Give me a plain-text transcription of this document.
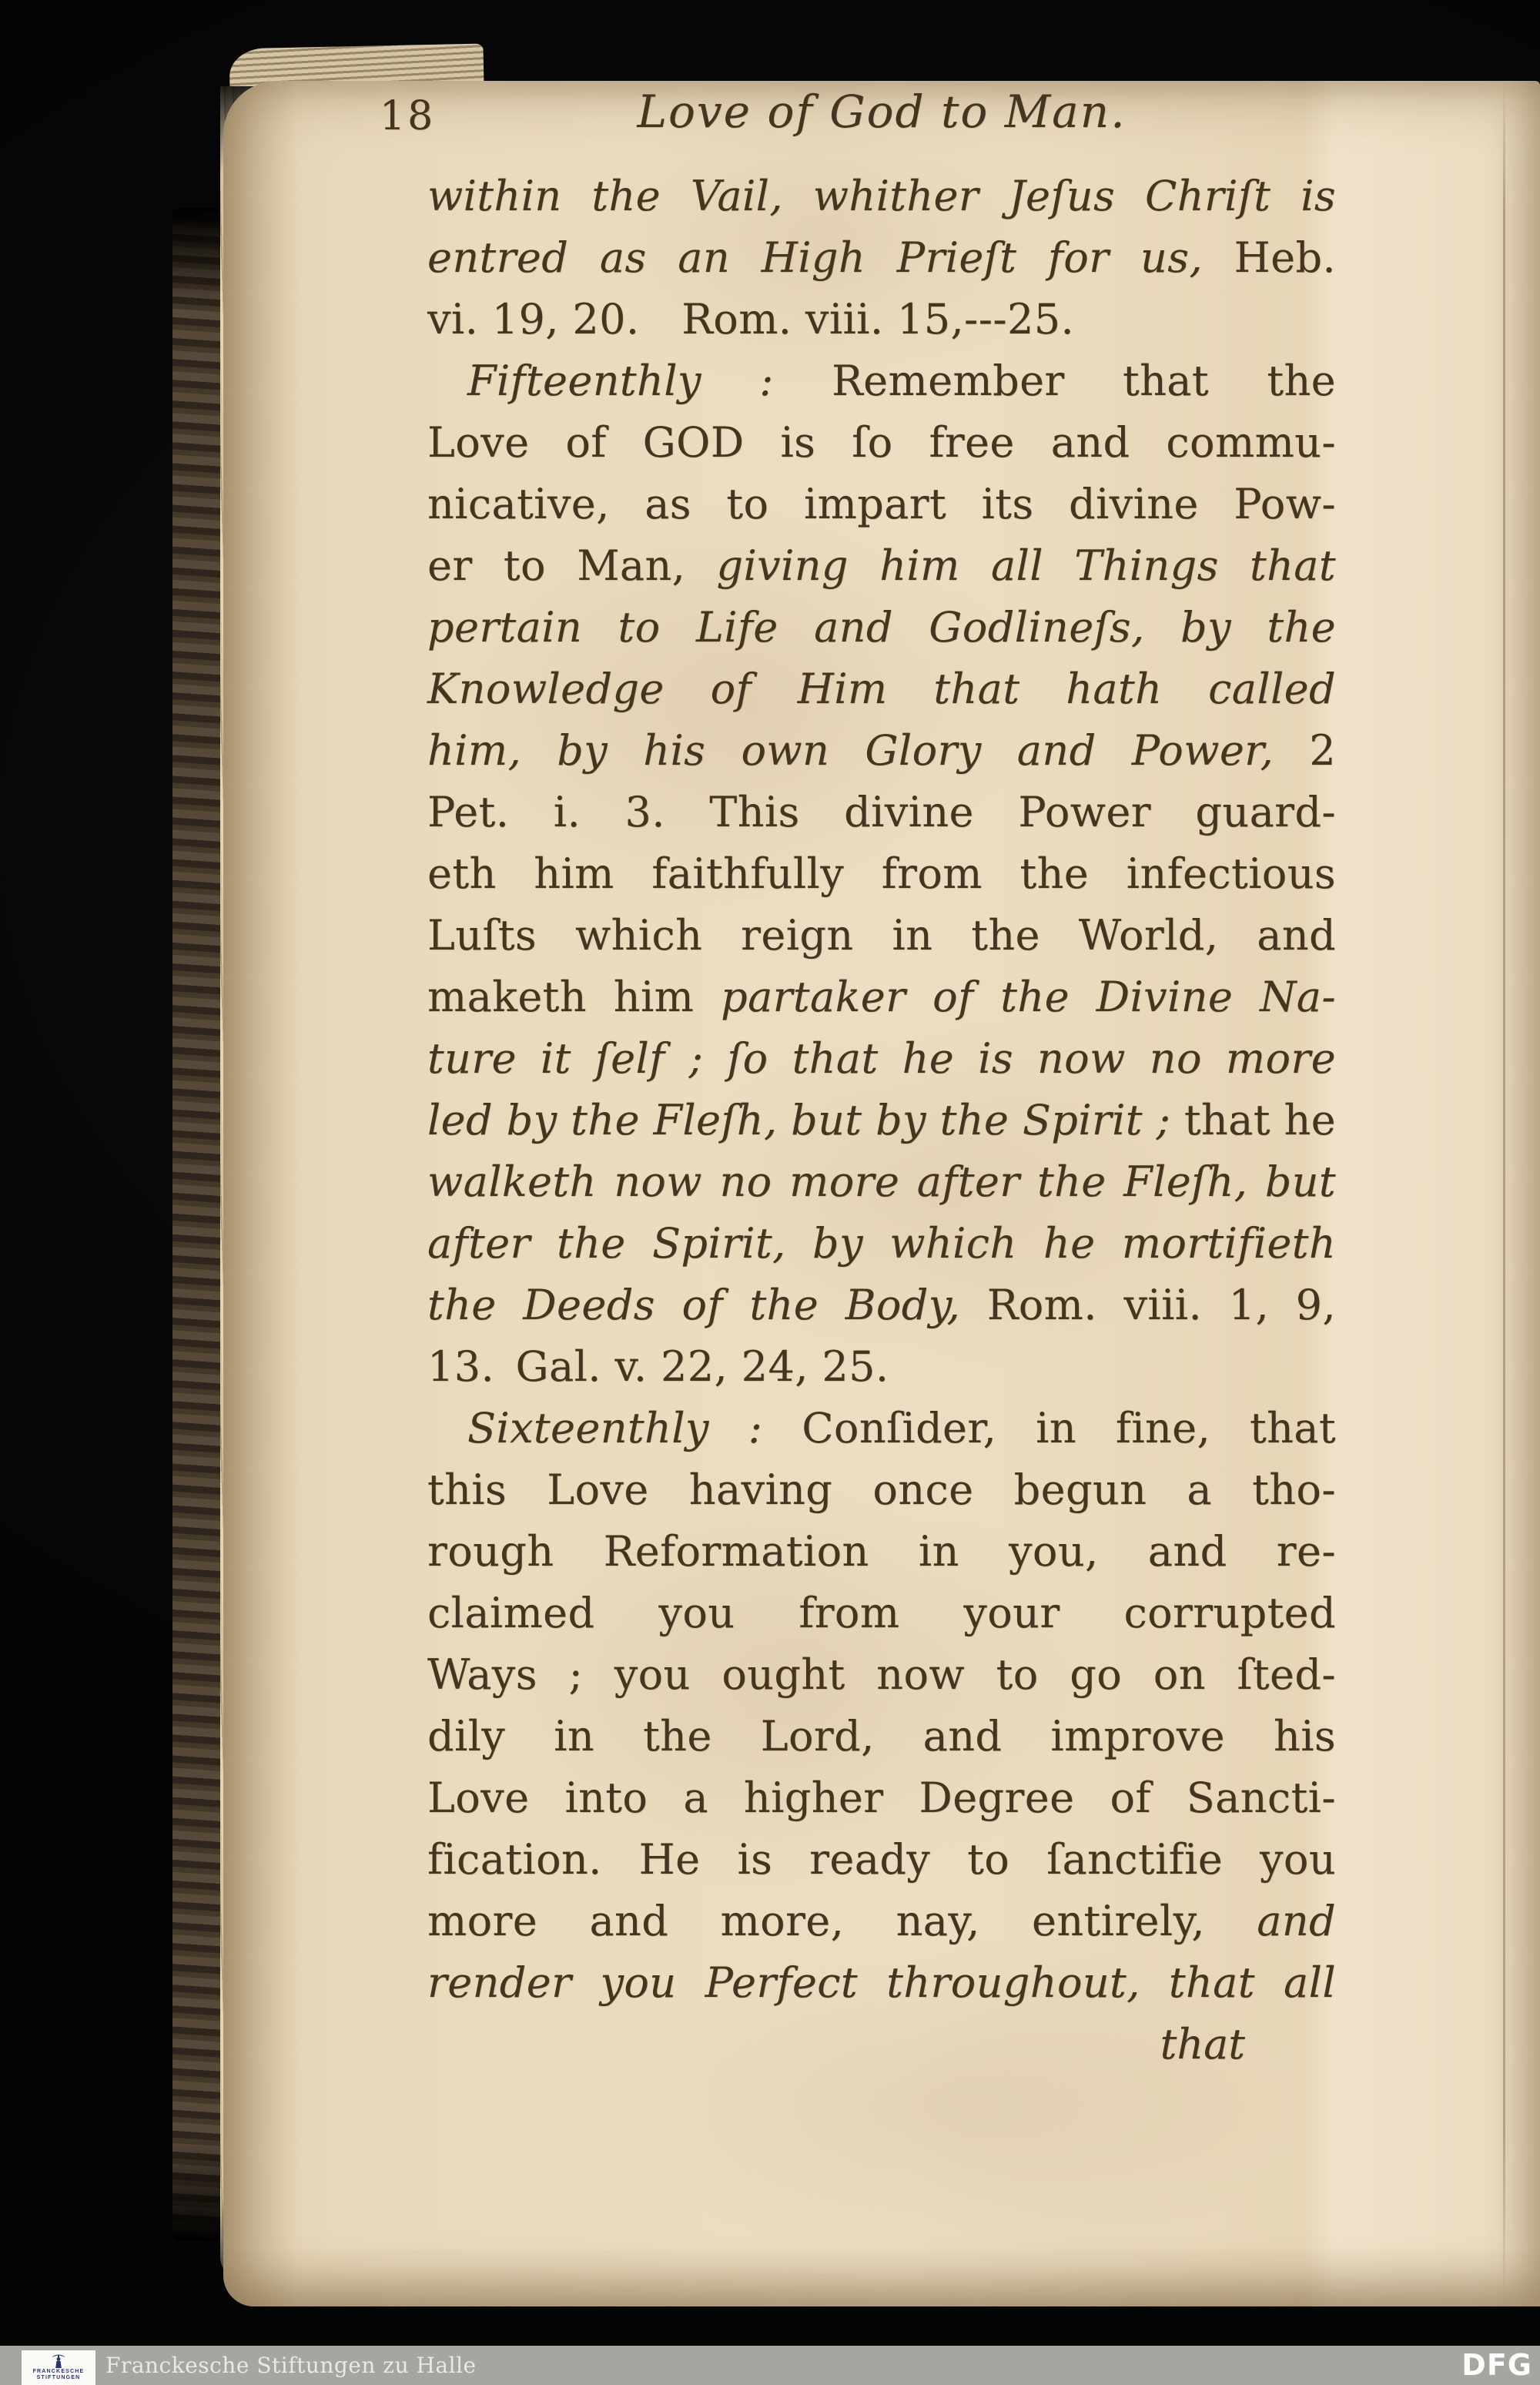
18	Love of God to Man.
within the Vail, whither Jeſus Chriſt is
entred as an High Prieſt for us, Heb.
vi. 19, 20.  Rom. viii. 15,---25.
Fifteenthly : Remember that the
Love of GOD is ſo free and commu-
nicative, as to impart its divine Pow-
er to Man, giving him all Things that
pertain to Life and Godlineſs, by the
Knowledge of Him that hath called
him, by his own Glory and Power, 2
Pet. i. 3. This divine Power guard-
eth him faithfully from the infectious
Luſts which reign in the World, and
maketh him partaker of the Divine Na-
ture it ſelf ; ſo that he is now no more
led by the Fleſh, but by the Spirit ; that he
walketh now no more after the Fleſh, but
after the Spirit, by which he mortifieth
the Deeds of the Body, Rom. viii. 1, 9,
13. Gal. v. 22, 24, 25.
Sixteenthly : Conſider, in fine, that
this Love having once begun a tho-
rough Reformation in you, and re-
claimed you from your corrupted
Ways ; you ought now to go on ſted-
dily in the Lord, and improve his
Love into a higher Degree of Sancti-
fication. He is ready to ſanctifie you
more and more, nay, entirely, and
render you Perfect throughout, that all
that
FRANCKESCHE
STIFTUNGEN Franckesche Stiftungen zu Halle	DFG
